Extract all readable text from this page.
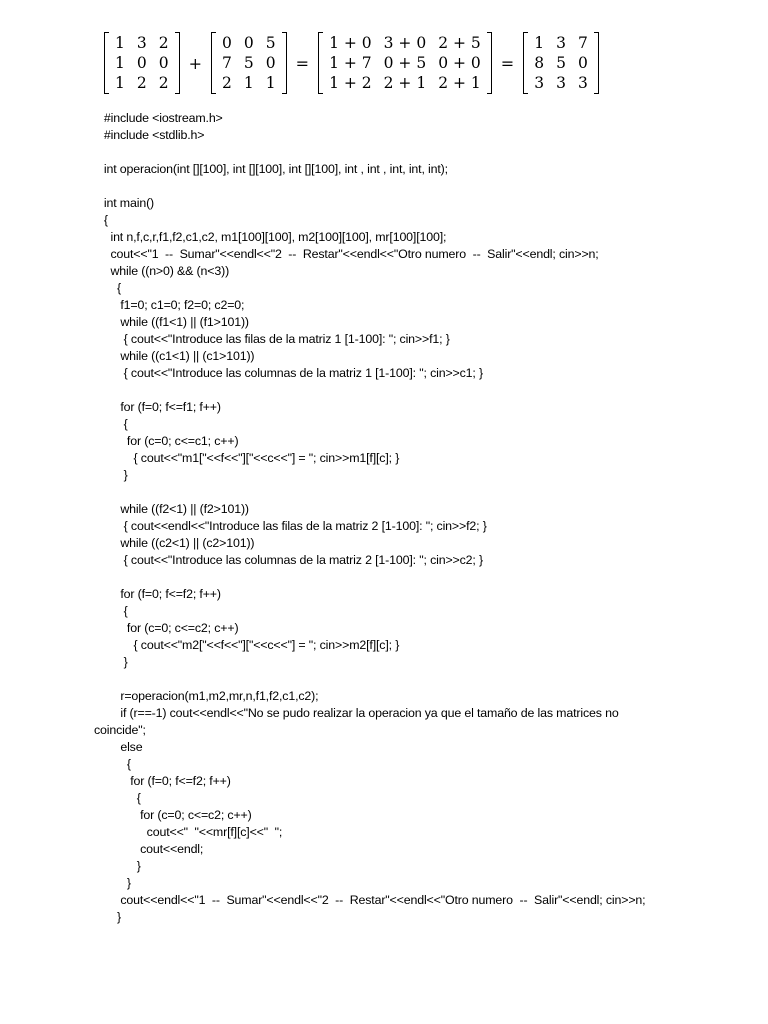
1	3	2
1	0	0
1	2	2
+
0	0	5
7	5	0
2	1	1
=
1 + 0	3 + 0	2 + 5
1 + 7	0 + 5	0 + 0
1 + 2	2 + 1	2 + 1
=
1	3	7
8	5	0
3	3	3
#include <iostream.h>
#include <stdlib.h>
int operacion(int [][100], int [][100], int [][100], int , int , int, int, int);
int main()
{
int n,f,c,r,f1,f2,c1,c2, m1[100][100], m2[100][100], mr[100][100];
cout<<"1  --  Sumar"<<endl<<"2  --  Restar"<<endl<<"Otro numero  --  Salir"<<endl; cin>>n;
while ((n>0) && (n<3))
{
f1=0; c1=0; f2=0; c2=0;
while ((f1<1) || (f1>101))
{ cout<<"Introduce las filas de la matriz 1 [1-100]: "; cin>>f1; }
while ((c1<1) || (c1>101))
{ cout<<"Introduce las columnas de la matriz 1 [1-100]: "; cin>>c1; }
for (f=0; f<=f1; f++)
{
for (c=0; c<=c1; c++)
{ cout<<"m1["<<f<<"]["<<c<<"] = "; cin>>m1[f][c]; }
}
while ((f2<1) || (f2>101))
{ cout<<endl<<"Introduce las filas de la matriz 2 [1-100]: "; cin>>f2; }
while ((c2<1) || (c2>101))
{ cout<<"Introduce las columnas de la matriz 2 [1-100]: "; cin>>c2; }
for (f=0; f<=f2; f++)
{
for (c=0; c<=c2; c++)
{ cout<<"m2["<<f<<"]["<<c<<"] = "; cin>>m2[f][c]; }
}
r=operacion(m1,m2,mr,n,f1,f2,c1,c2);
if (r==-1) cout<<endl<<"No se pudo realizar la operacion ya que el tamaño de las matrices no
coincide";
else
{
for (f=0; f<=f2; f++)
{
for (c=0; c<=c2; c++)
cout<<"  "<<mr[f][c]<<"  ";
cout<<endl;
}
}
cout<<endl<<"1  --  Sumar"<<endl<<"2  --  Restar"<<endl<<"Otro numero  --  Salir"<<endl; cin>>n;
}
